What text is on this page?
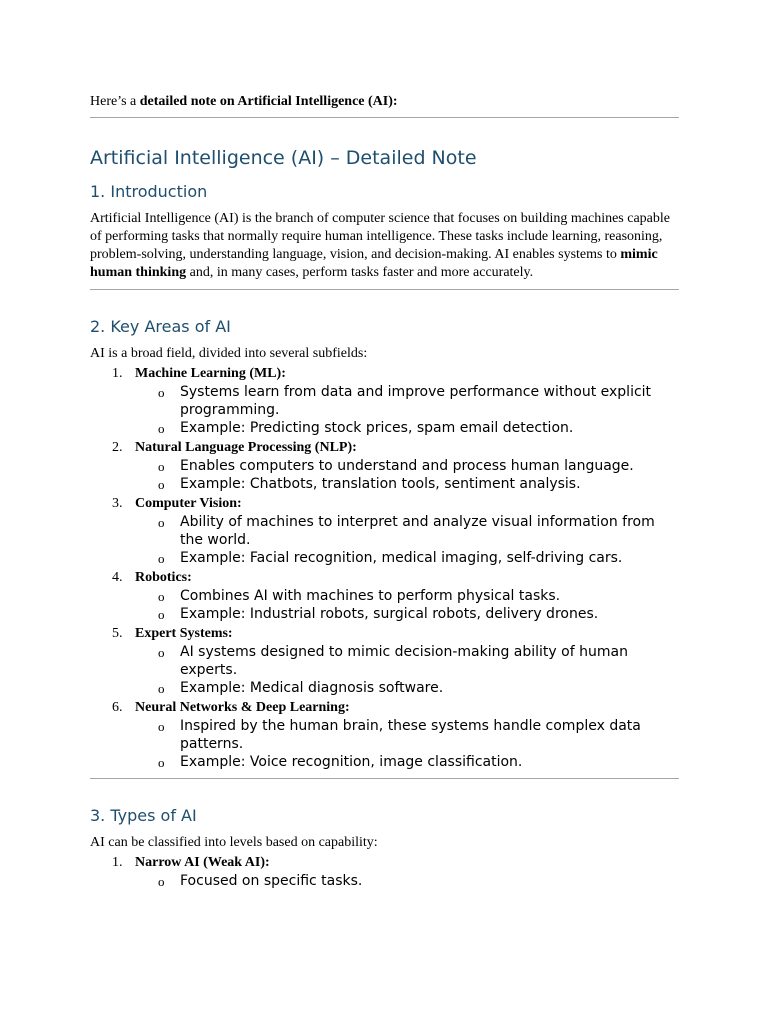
Here’s a detailed note on Artificial Intelligence (AI):

Artificial Intelligence (AI) – Detailed Note
1. Introduction

Artificial Intelligence (AI) is the branch of computer science that focuses on building machines capable of performing tasks that normally require human intelligence. These tasks include learning, reasoning, problem-solving, understanding language, vision, and decision-making. AI enables systems to mimic human thinking and, in many cases, perform tasks faster and more accurately.

2. Key Areas of AI

AI is a broad field, divided into several subfields:

1. Machine Learning (ML):
o Systems learn from data and improve performance without explicit programming.
o Example: Predicting stock prices, spam email detection.
2. Natural Language Processing (NLP):
o Enables computers to understand and process human language.
o Example: Chatbots, translation tools, sentiment analysis.
3. Computer Vision:
o Ability of machines to interpret and analyze visual information from the world.
o Example: Facial recognition, medical imaging, self-driving cars.
4. Robotics:
o Combines AI with machines to perform physical tasks.
o Example: Industrial robots, surgical robots, delivery drones.
5. Expert Systems:
o AI systems designed to mimic decision-making ability of human experts.
o Example: Medical diagnosis software.
6. Neural Networks & Deep Learning:
o Inspired by the human brain, these systems handle complex data patterns.
o Example: Voice recognition, image classification.
3. Types of AI

AI can be classified into levels based on capability:

1. Narrow AI (Weak AI):
o Focused on specific tasks.
